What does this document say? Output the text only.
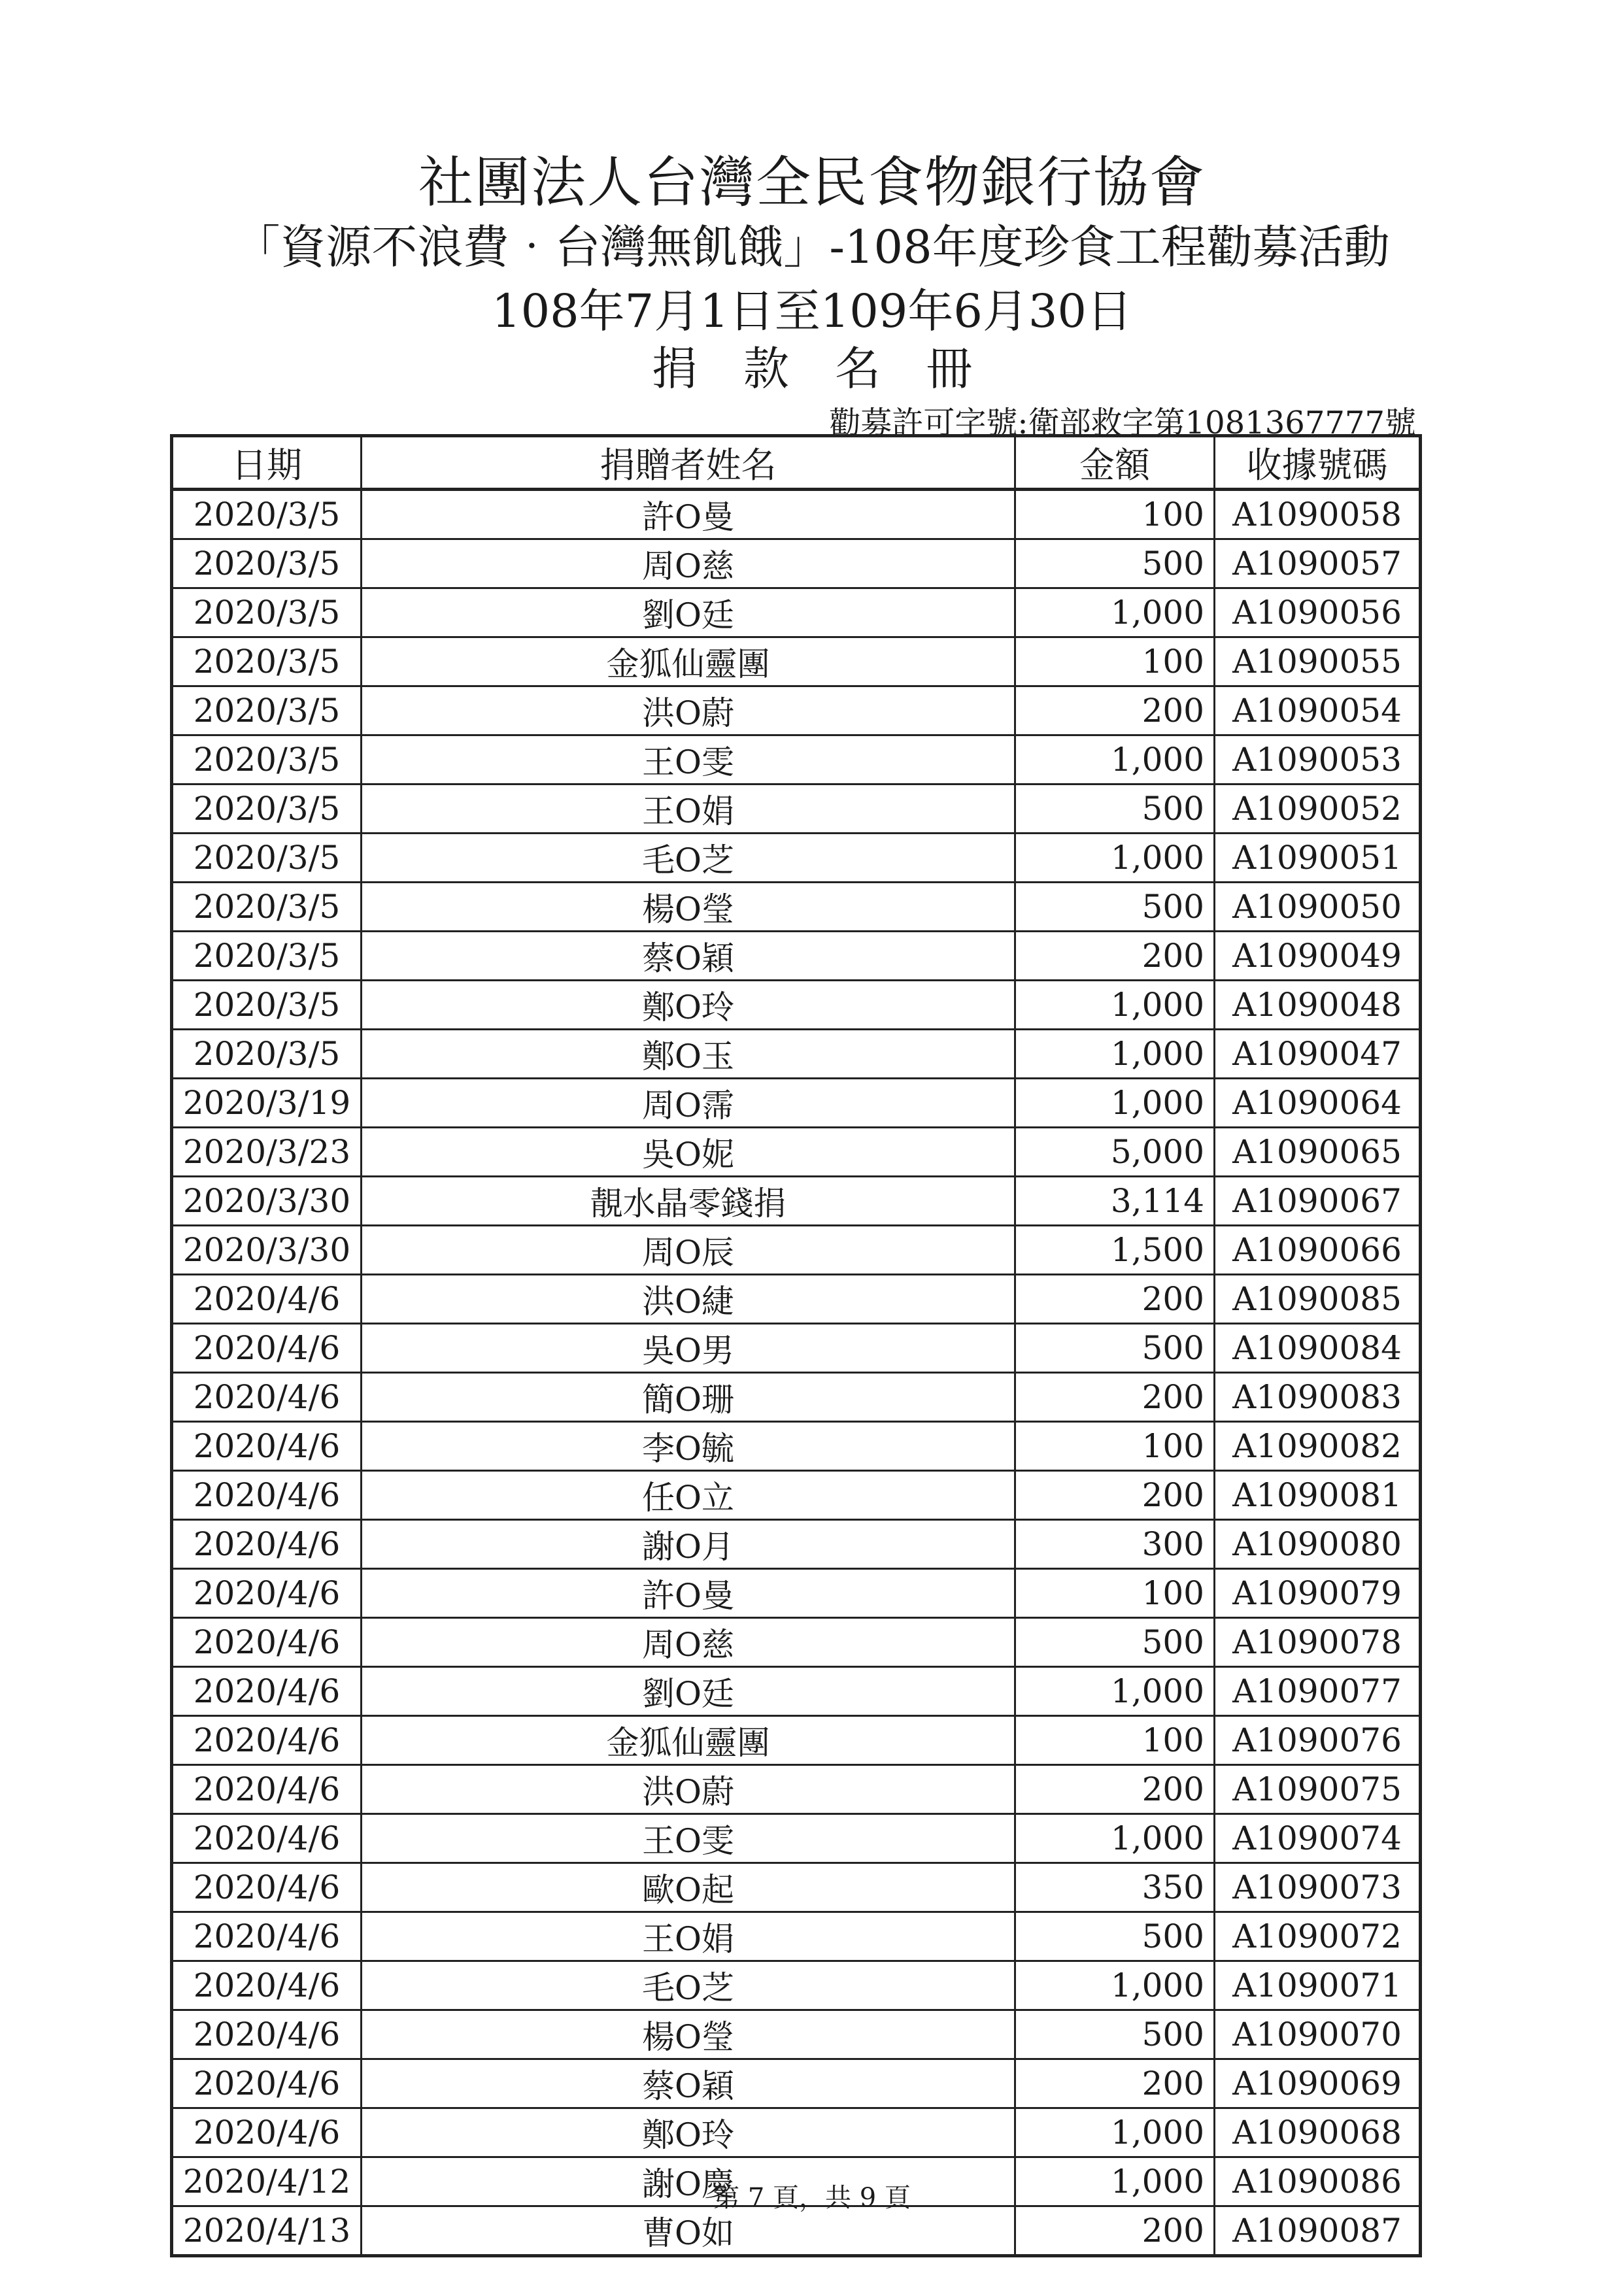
社團法人台灣全民食物銀行協會
「資源不浪費‧台灣無飢餓」-108年度珍食工程勸募活動
108年7月1日至109年6月30日
捐款名冊
勸募許可字號:衛部救字第1081367777號
日期	捐贈者姓名	金額	收據號碼
2020/3/5	許O曼	100	A1090058
2020/3/5	周O慈	500	A1090057
2020/3/5	劉O廷	1,000	A1090056
2020/3/5	金狐仙靈團	100	A1090055
2020/3/5	洪O蔚	200	A1090054
2020/3/5	王O雯	1,000	A1090053
2020/3/5	王O娟	500	A1090052
2020/3/5	毛O芝	1,000	A1090051
2020/3/5	楊O瑩	500	A1090050
2020/3/5	蔡O穎	200	A1090049
2020/3/5	鄭O玲	1,000	A1090048
2020/3/5	鄭O玉	1,000	A1090047
2020/3/19	周O霈	1,000	A1090064
2020/3/23	吳O妮	5,000	A1090065
2020/3/30	靚水晶零錢捐	3,114	A1090067
2020/3/30	周O辰	1,500	A1090066
2020/4/6	洪O緁	200	A1090085
2020/4/6	吳O男	500	A1090084
2020/4/6	簡O珊	200	A1090083
2020/4/6	李O毓	100	A1090082
2020/4/6	任O立	200	A1090081
2020/4/6	謝O月	300	A1090080
2020/4/6	許O曼	100	A1090079
2020/4/6	周O慈	500	A1090078
2020/4/6	劉O廷	1,000	A1090077
2020/4/6	金狐仙靈團	100	A1090076
2020/4/6	洪O蔚	200	A1090075
2020/4/6	王O雯	1,000	A1090074
2020/4/6	歐O起	350	A1090073
2020/4/6	王O娟	500	A1090072
2020/4/6	毛O芝	1,000	A1090071
2020/4/6	楊O瑩	500	A1090070
2020/4/6	蔡O穎	200	A1090069
2020/4/6	鄭O玲	1,000	A1090068
2020/4/12	謝O慶	1,000	A1090086
2020/4/13	曹O如	200	A1090087
第 7 頁，共 9 頁
